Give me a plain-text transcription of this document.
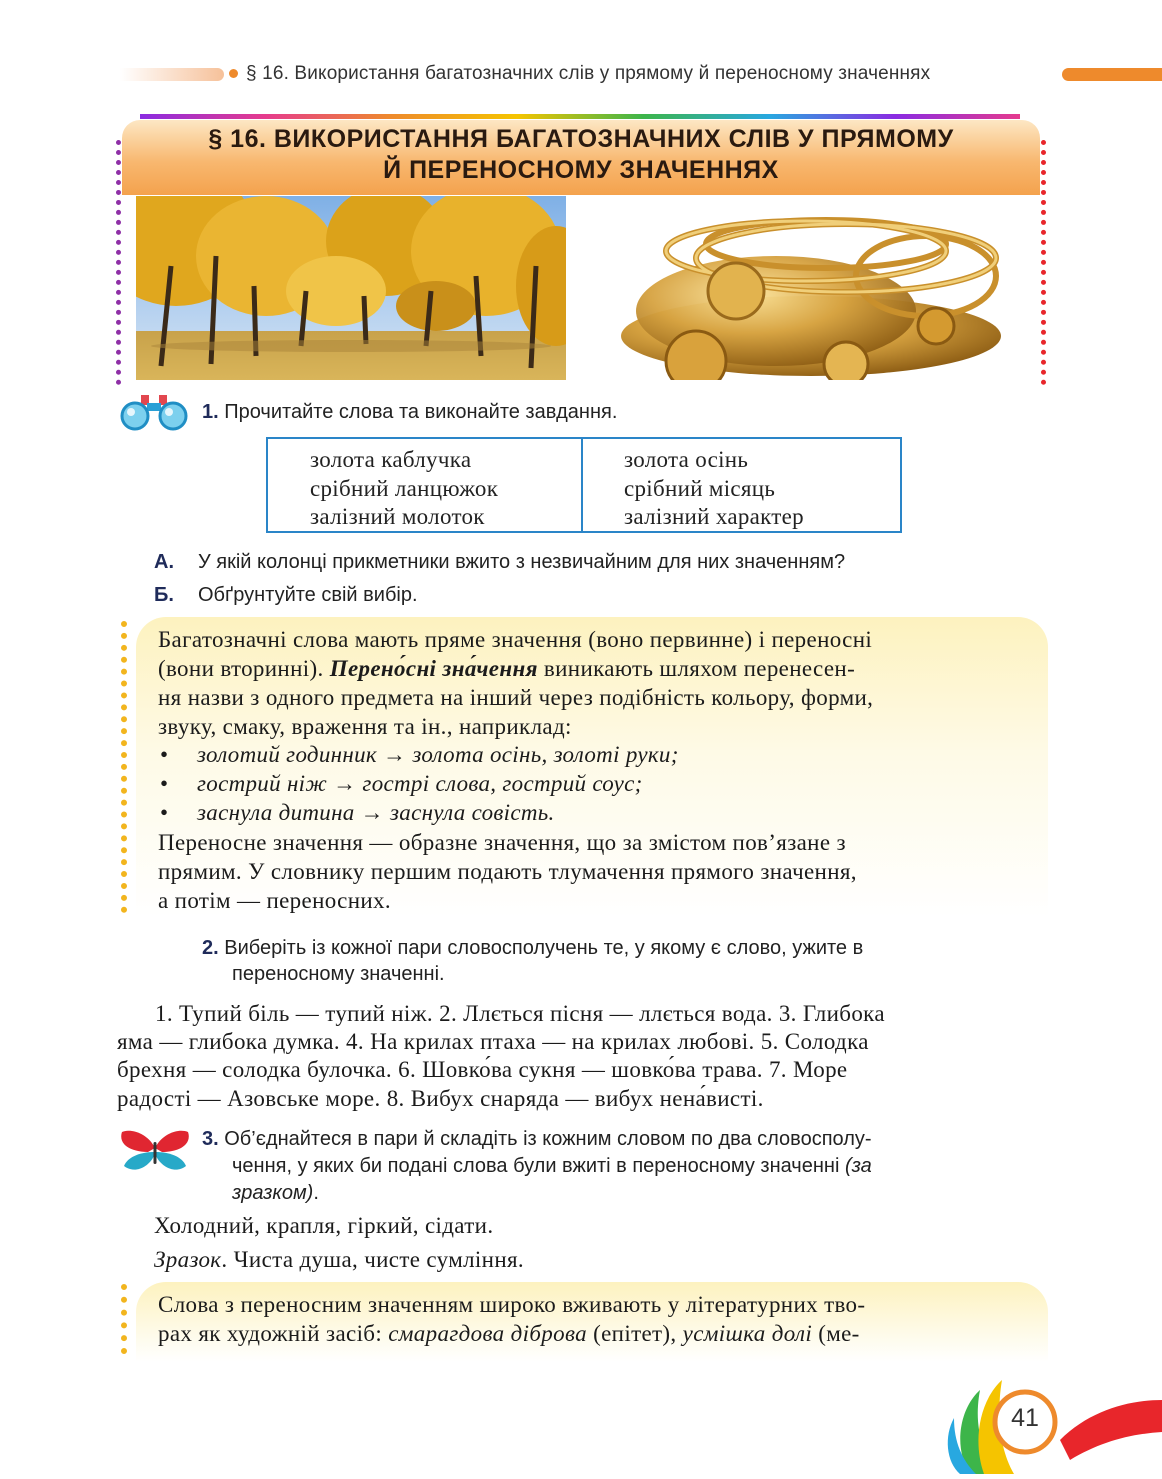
§ 16. Використання багатозначних слів у прямому й переносному значеннях
§ 16. ВИКОРИСТАННЯ БАГАТОЗНАЧНИХ СЛІВ У ПРЯМОМУ
Й ПЕРЕНОСНОМУ ЗНАЧЕННЯХ
1. Прочитайте слова та виконайте завдання.
золота каблучка
срібний ланцюжок
залізний молоток
золота осінь
срібний місяць
залізний характер
А. У якій колонці прикметники вжито з незвичайним для них значенням?
Б. Обґрунтуйте свій вибір.
Багатозначні слова мають пряме значення (воно первинне) і переносні
(вони вторинні). Перено́сні зна́чення виникають шляхом перенесен-
ня назви з одного предмета на інший через подібність кольору, форми,
звуку, смаку, враження та ін., наприклад:
• золотий годинник → золота осінь, золоті руки;
• гострий ніж → гострі слова, гострий соус;
• заснула дитина → заснула совість.
Переносне значення — образне значення, що за змістом пов’язане з
прямим. У словнику першим подають тлумачення прямого значення,
а потім — переносних.
2. Виберіть із кожної пари словосполучень те, у якому є слово, ужите в
переносному значенні.
1. Тупий біль — тупий ніж. 2. Ллється пісня — ллється вода. 3. Глибока
яма — глибока думка. 4. На крилах птаха — на крилах любові. 5. Солодка
брехня — солодка булочка. 6. Шовко́ва сукня — шовко́ва трава. 7. Море
радості — Азовське море. 8. Вибух снаряда — вибух нена́висті.
3. Об’єднайтеся в пари й складіть із кожним словом по два словосполу-
чення, у яких би подані слова були вжиті в переносному значенні (за
зразком).
Холодний, крапля, гіркий, сідати.
Зразок. Чиста душа, чисте сумління.
Слова з переносним значенням широко вживають у літературних тво-
рах як художній засіб: смарагдова діброва (епітет), усмішка долі (ме-
41
